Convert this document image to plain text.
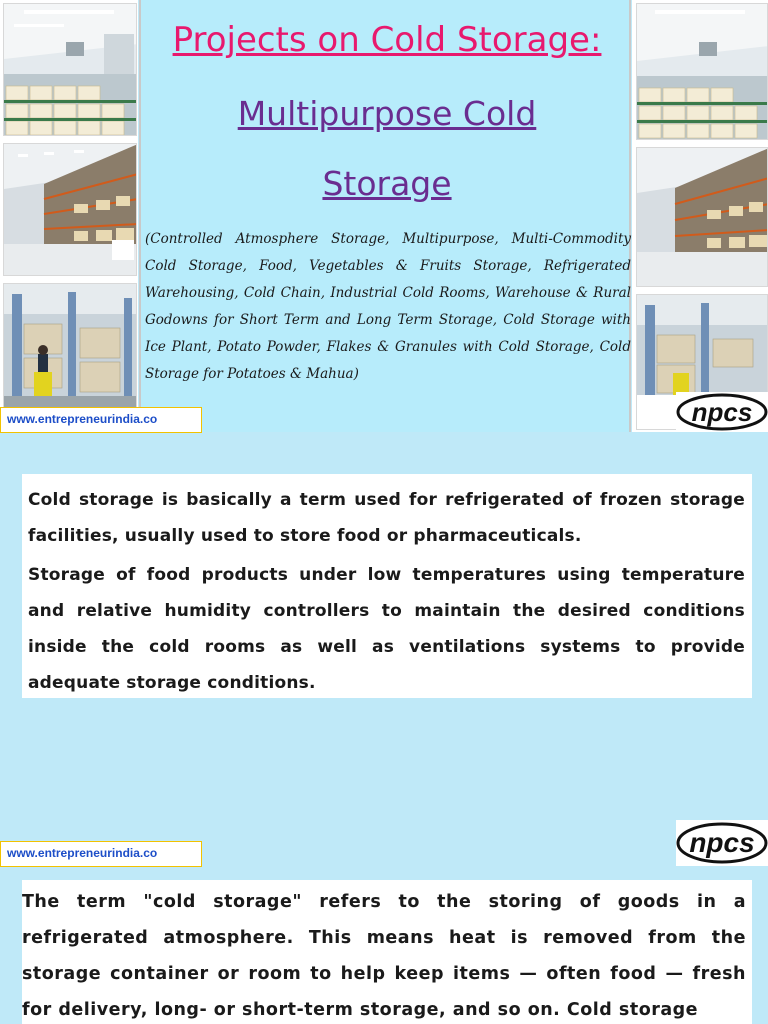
Projects on Cold Storage:
Multipurpose Cold
Storage
(Controlled Atmosphere Storage, Multipurpose, Multi-Commodity Cold Storage, Food, Vegetables & Fruits Storage, Refrigerated Warehousing, Cold Chain, Industrial Cold Rooms, Warehouse & Rural Godowns for Short Term and Long Term Storage, Cold Storage with Ice Plant, Potato Powder, Flakes & Granules with Cold Storage, Cold Storage for Potatoes & Mahua)
npcs
www.entrepreneurindia.co

Cold storage is basically a term used for refrigerated of frozen storage facilities, usually used to store food or pharmaceuticals.

Storage of food products under low temperatures using temperature and relative humidity controllers to maintain the desired conditions inside the cold rooms as well as ventilations systems to provide adequate storage conditions.

www.entrepreneurindia.co	npcs

The term "cold storage" refers to the storing of goods in a refrigerated atmosphere. This means heat is removed from the storage container or room to help keep items — often food — fresh for delivery, long- or short-term storage, and so on. Cold storage
